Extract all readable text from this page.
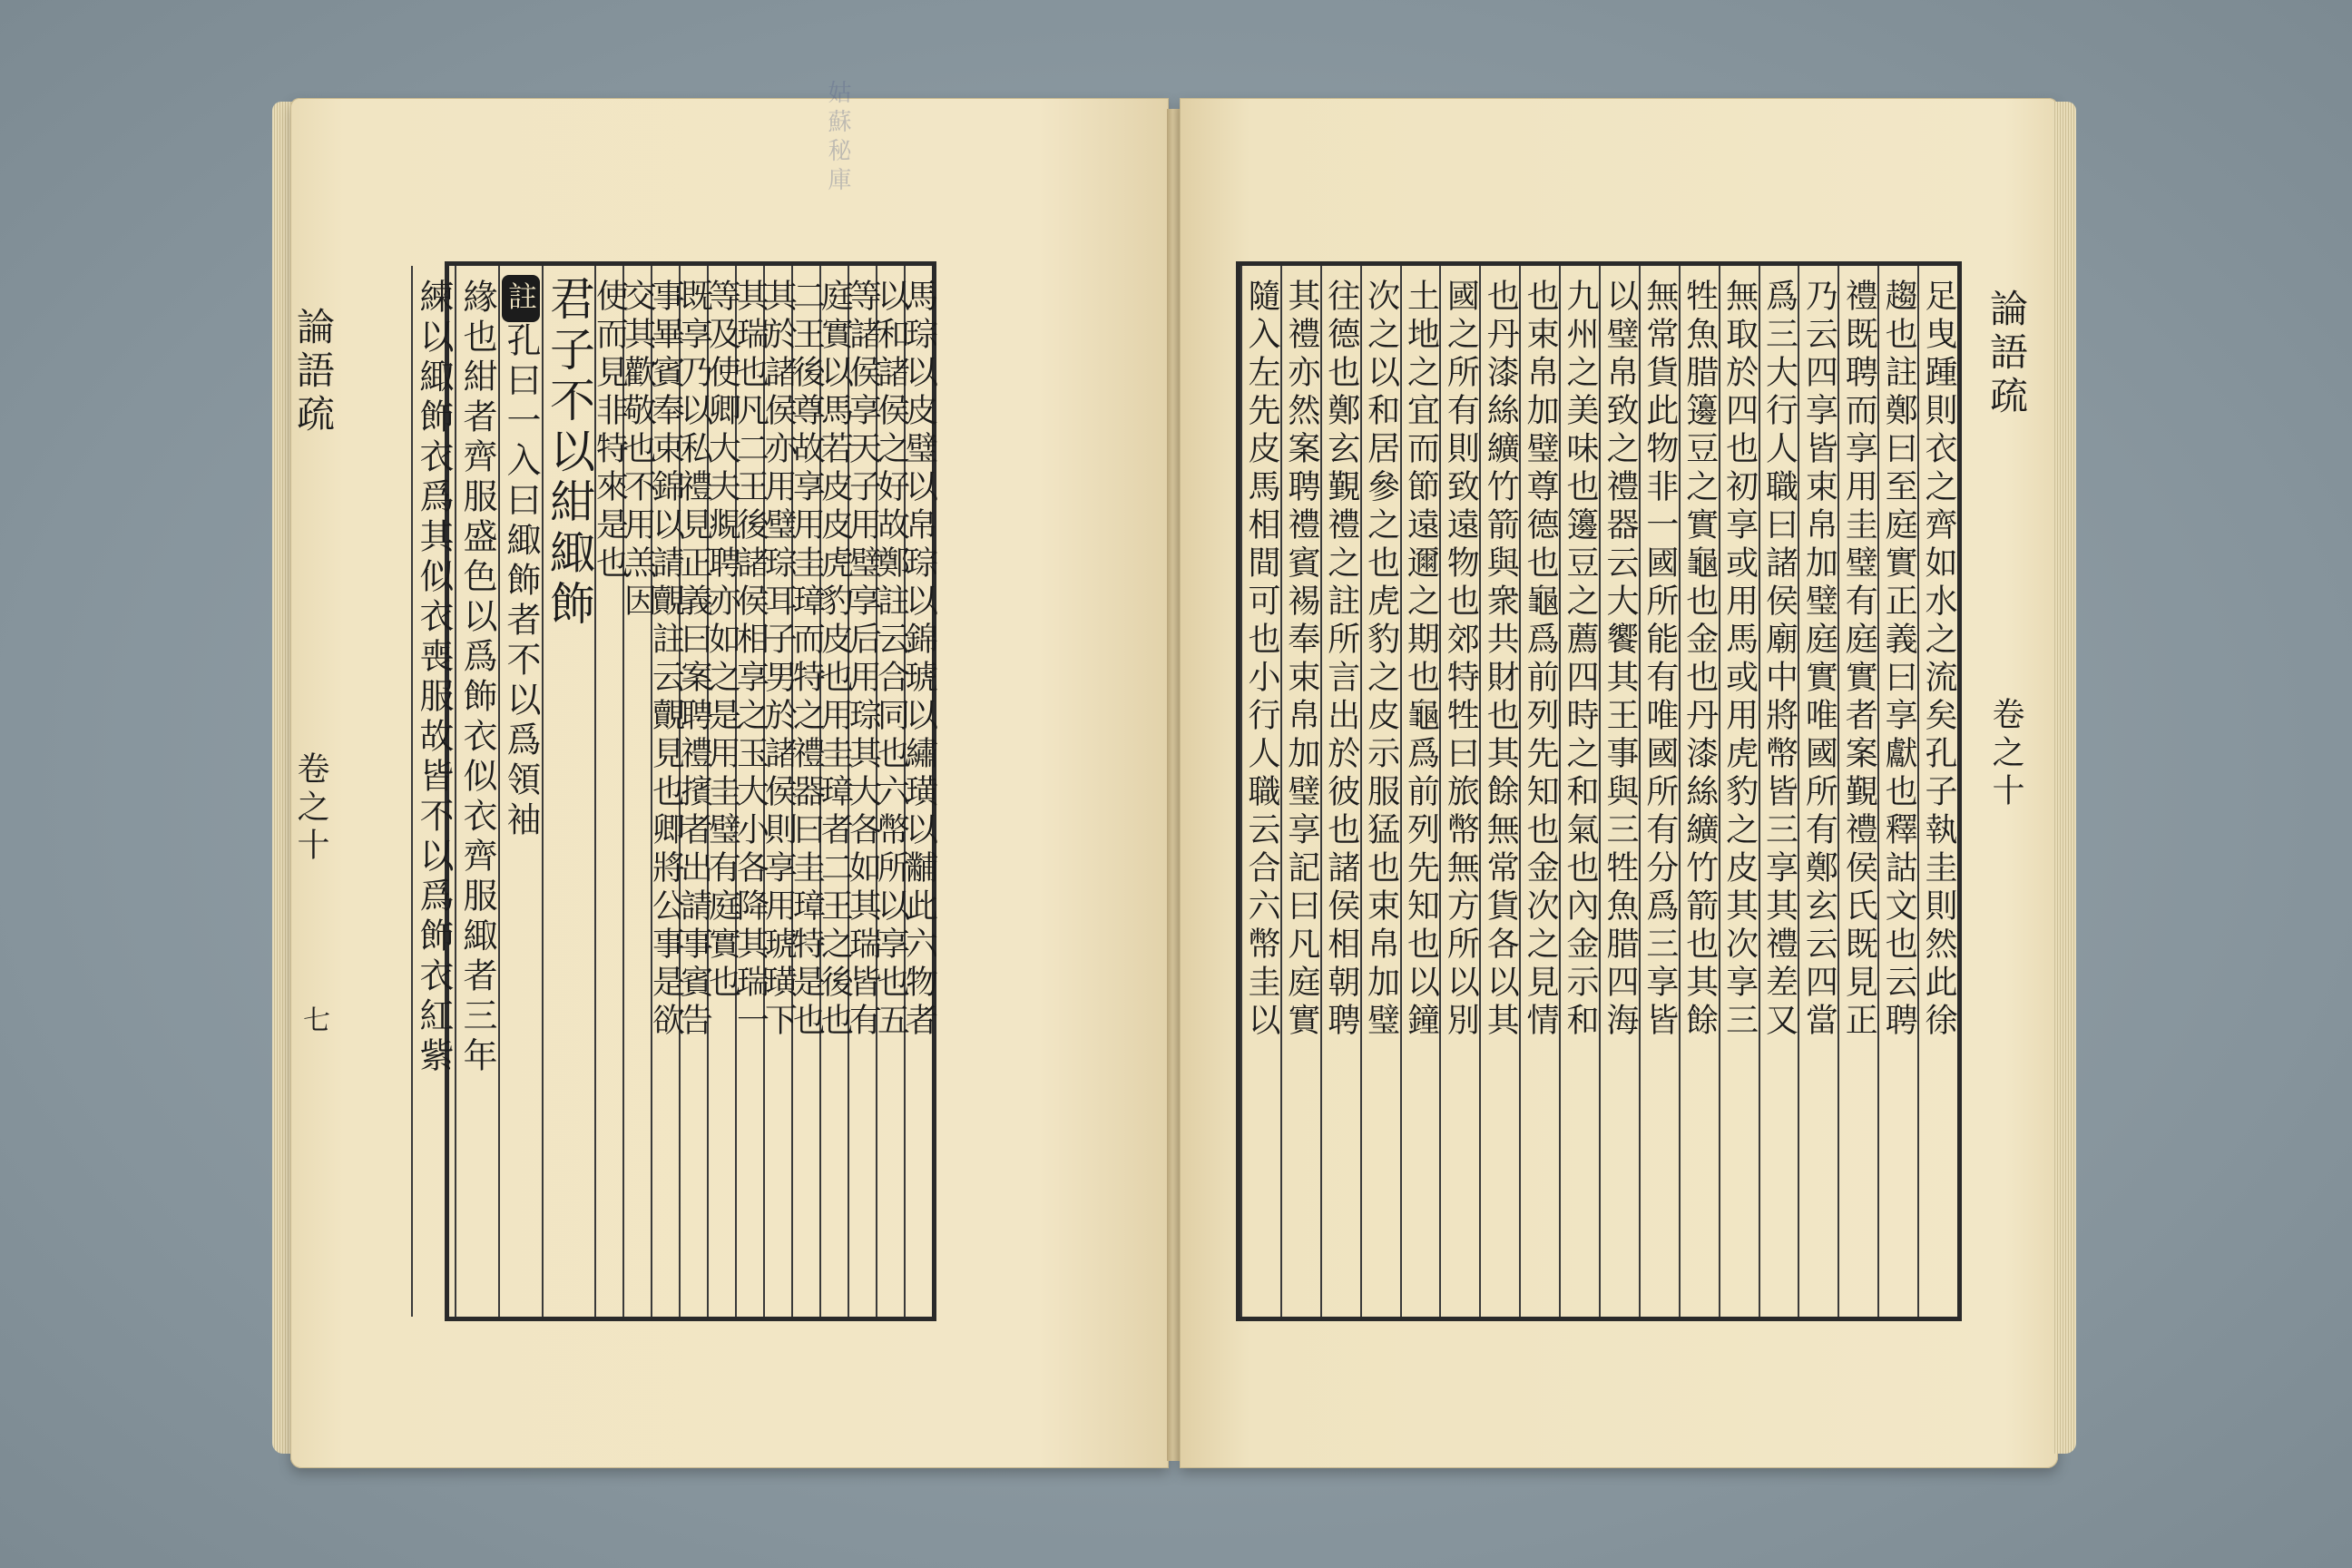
姑蘇秘庫
論語疏
卷之十
七	馬琮以皮璧以帛琮以錦琥以繡璜以黼此六物者
以和諸侯之好故鄭註云合同也六幣所以享也五
等諸侯享天子用璧享后用琮其大各如其瑞皆有
庭實以馬若皮皮虎豹皮也用圭璋者二王之後也
二王後尊故享用圭璋而特之禮器曰圭璋特是也
其於諸侯亦用璧琮耳子男於諸侯則享用琥璜下
其瑞也凡二王後諸侯相享之玉大小各降其瑞一
等及使卿大夫覜聘亦如之是用圭璧有庭實也
既享乃以私禮見正義曰案聘禮擯者出請事賓告
事畢賓奉束錦以請覿註云覿見也卿將公事是欲
交其歡敬也不用羔因
使而見非特來是也
君子不以紺緅飾
註孔曰一入曰緅飾者不以爲領袖
緣也紺者齊服盛色以爲飾衣似衣齊服緅者三年
練以緅飾衣爲其似衣喪服故皆不以爲飾衣紅紫	論語疏
卷之十
足曳踵則衣之齊如水之流矣孔子執圭則然此徐
趨也註鄭曰至庭實正義曰享獻也釋詁文也云聘
禮既聘而享用圭璧有庭實者案覲禮侯氏既見正
乃云四享皆束帛加璧庭實唯國所有鄭玄云四當
爲三大行人職曰諸侯廟中將幣皆三享其禮差又
無取於四也初享或用馬或用虎豹之皮其次享三
牲魚腊籩豆之實龜也金也丹漆絲纊竹箭也其餘
無常貨此物非一國所能有唯國所有分爲三享皆
以璧帛致之禮器云大饗其王事與三牲魚腊四海
九州之美味也籩豆之薦四時之和氣也內金示和
也束帛加璧尊德也龜爲前列先知也金次之見情
也丹漆絲纊竹箭與衆共財也其餘無常貨各以其
國之所有則致遠物也郊特牲曰旅幣無方所以別
土地之宜而節遠邇之期也龜爲前列先知也以鐘
次之以和居參之也虎豹之皮示服猛也束帛加璧
往德也鄭玄覲禮之註所言出於彼也諸侯相朝聘
其禮亦然案聘禮賓裼奉束帛加璧享記曰凡庭實
隨入左先皮馬相間可也小行人職云合六幣圭以
